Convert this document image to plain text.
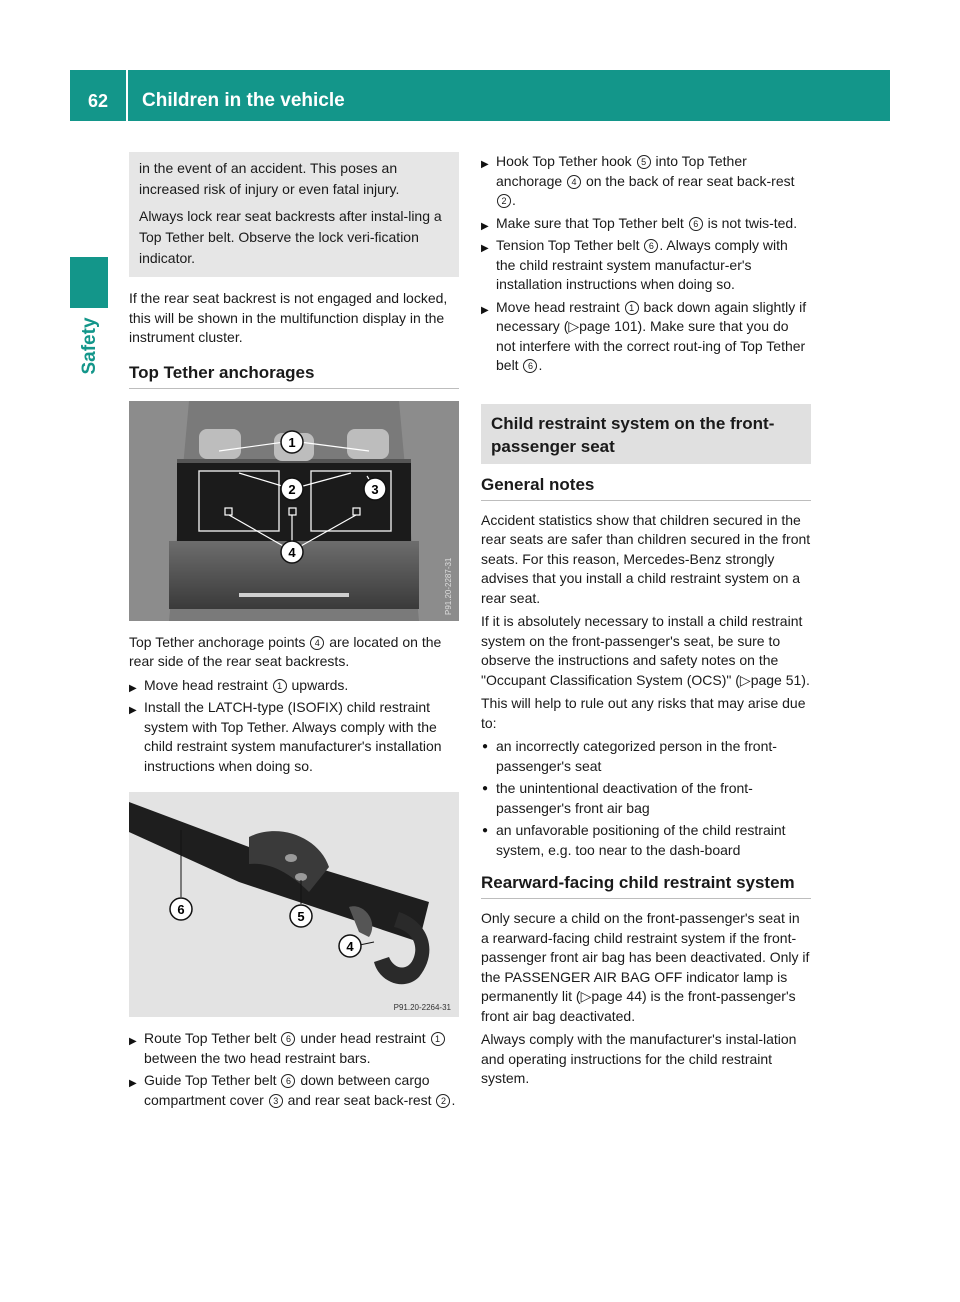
62	Children in the vehicle
Safety

in the event of an accident. This poses an increased risk of injury or even fatal injury.

Always lock rear seat backrests after instal-ling a Top Tether belt. Observe the lock veri-fication indicator.

If the rear seat backrest is not engaged and locked, this will be shown in the multifunction display in the instrument cluster.

Top Tether anchorages
1
2	3
4
P91.20-2287-31

Top Tether anchorage points 4 are located on the rear side of the rear seat backrests.

▶ Move head restraint 1 upwards.
▶ Install the LATCH-type (ISOFIX) child restraint system with Top Tether. Always comply with the child restraint system manufacturer's installation instructions when doing so.
6	5
4
P91.20-2264-31
▶ Route Top Tether belt 6 under head restraint 1 between the two head restraint bars.
▶ Guide Top Tether belt 6 down between cargo compartment cover 3 and rear seat back-rest 2 .
▶ Hook Top Tether hook 5 into Top Tether anchorage 4 on the back of rear seat back-rest 2 .
▶ Make sure that Top Tether belt 6 is not twis-ted.
▶ Tension Top Tether belt 6 . Always comply with the child restraint system manufactur-er's installation instructions when doing so.
▶ Move head restraint 1 back down again slightly if necessary (▷page 101). Make sure that you do not interfere with the correct rout-ing of Top Tether belt 6 .
Child restraint system on the front-passenger seat
General notes

Accident statistics show that children secured in the rear seats are safer than children secured in the front seats. For this reason, Mercedes-Benz strongly advises that you install a child restraint system on a rear seat.

If it is absolutely necessary to install a child restraint system on the front-passenger's seat, be sure to observe the instructions and safety notes on the "Occupant Classification System (OCS)" (▷page 51).

This will help to rule out any risks that may arise due to:

● an incorrectly categorized person in the front-passenger's seat
● the unintentional deactivation of the front-passenger's front air bag
● an unfavorable positioning of the child restraint system, e.g. too near to the dash-board
Rearward-facing child restraint system

Only secure a child on the front-passenger's seat in a rearward-facing child restraint system if the front-passenger front air bag has been deactivated. Only if the PASSENGER AIR BAG OFF indicator lamp is permanently lit (▷page 44) is the front-passenger's front air bag deactivated.

Always comply with the manufacturer's instal-lation and operating instructions for the child restraint system.
